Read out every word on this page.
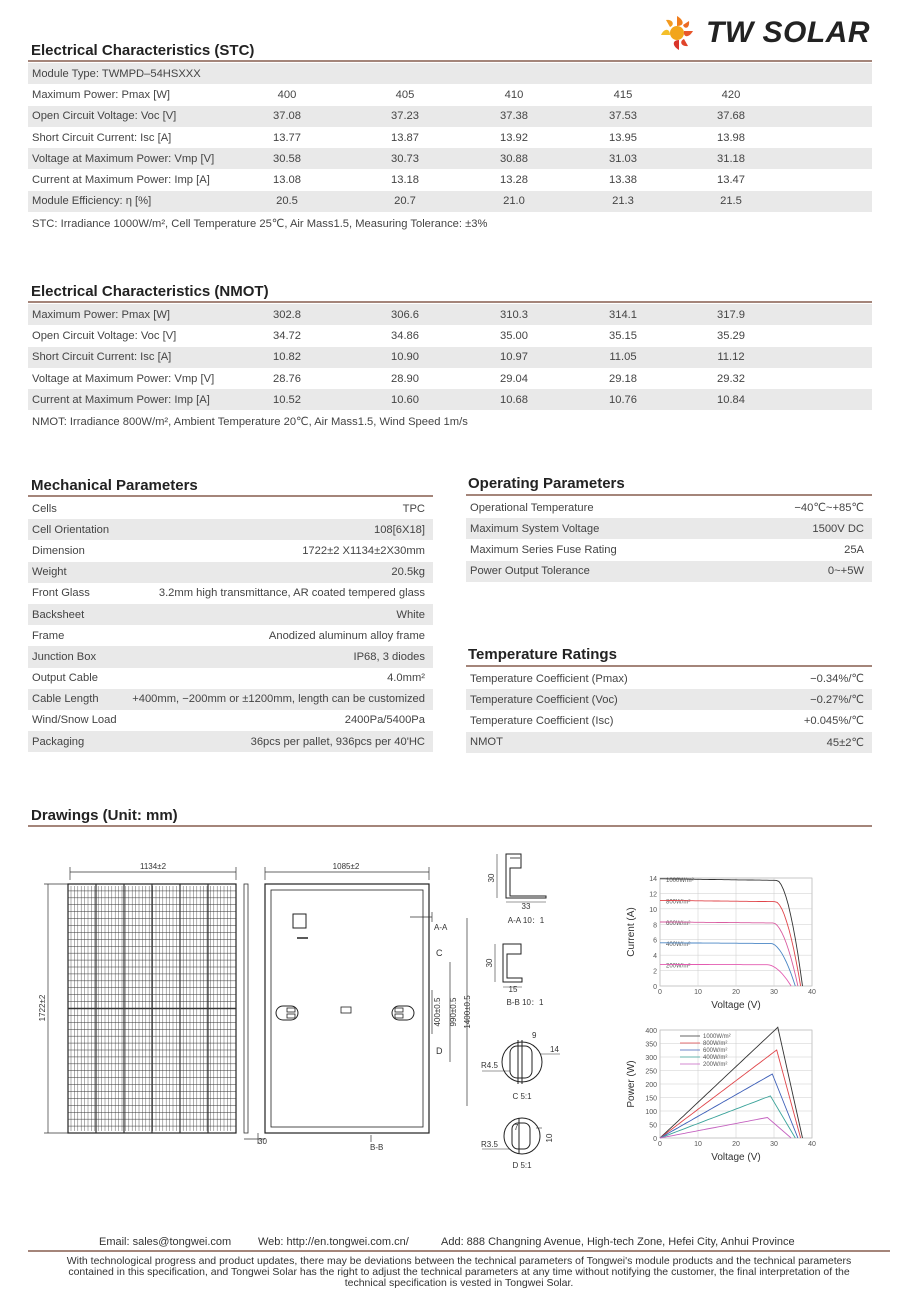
TW SOLAR
Electrical Characteristics (STC)
Module Type: TWMPD–54HSXXX
Maximum Power: Pmax [W]	400	405	410	415	420
Open Circuit Voltage: Voc [V]	37.08	37.23	37.38	37.53	37.68
Short Circuit Current: Isc [A]	13.77	13.87	13.92	13.95	13.98
Voltage at Maximum Power: Vmp [V]	30.58	30.73	30.88	31.03	31.18
Current at Maximum Power: Imp [A]	13.08	13.18	13.28	13.38	13.47
Module Efficiency: η [%]	20.5	20.7	21.0	21.3	21.5
STC: Irradiance 1000W/m², Cell Temperature 25℃, Air Mass1.5, Measuring Tolerance: ±3%
Electrical Characteristics (NMOT)
Maximum Power: Pmax [W]	302.8	306.6	310.3	314.1	317.9
Open Circuit Voltage: Voc [V]	34.72	34.86	35.00	35.15	35.29
Short Circuit Current: Isc [A]	10.82	10.90	10.97	11.05	11.12
Voltage at Maximum Power: Vmp [V]	28.76	28.90	29.04	29.18	29.32
Current at Maximum Power: Imp [A]	10.52	10.60	10.68	10.76	10.84
NMOT: Irradiance 800W/m², Ambient Temperature 20℃, Air Mass1.5, Wind Speed 1m/s
Mechanical Parameters
Cells	TPC
Cell Orientation	108[6X18]
Dimension	1722±2 X1134±2X30mm
Weight	20.5kg
Front Glass	3.2mm high transmittance, AR coated tempered glass
Backsheet	White
Frame	Anodized aluminum alloy frame
Junction Box	IP68, 3 diodes
Output Cable	4.0mm²
Cable Length	+400mm, −200mm or ±1200mm, length can be customized
Wind/Snow Load	2400Pa/5400Pa
Packaging	36pcs per pallet, 936pcs per 40'HC
Operating Parameters
Operational Temperature	−40℃~+85℃
Maximum System Voltage	1500V DC
Maximum Series Fuse Rating	25A
Power Output Tolerance	0~+5W
Temperature Ratings
Temperature Coefficient (Pmax)	−0.34%/℃
Temperature Coefficient (Voc)	−0.27%/℃
Temperature Coefficient (Isc)	+0.045%/℃
NMOT	45±2℃
Drawings (Unit: mm)
1134±2
1722±2
1085±2
A-A
C
D
B-B
30
400±0.5 990±0.5 1400±0.5
30
33
A-A 10：1
30
15
B-B 10：1
9
14
R4.5
C 5:1
7
10
R3.5
D 5:1
0
2
4
6
8
10
12
14
0	10	20	30	40
Voltage (V)
Current (A)
1000W/m²
800W/m²
600W/m²
400W/m²
200W/m²
0
50
100
150
200
250
300
350
400
0	10	20	30	40
Voltage (V)
Power (W)
1000W/m²
800W/m²
600W/m²
400W/m²
200W/m²
Email: sales@tongwei.com Web: http://en.tongwei.com.cn/	Add: 888 Changning Avenue, High-tech Zone, Hefei City, Anhui Province
With technological progress and product updates, there may be deviations between the technical parameters of Tongwei's module products and the technical parameters contained in this specification, and Tongwei Solar has the right to adjust the technical parameters at any time without notifying the customer, the final interpretation of the technical specification is vested in Tongwei Solar.
